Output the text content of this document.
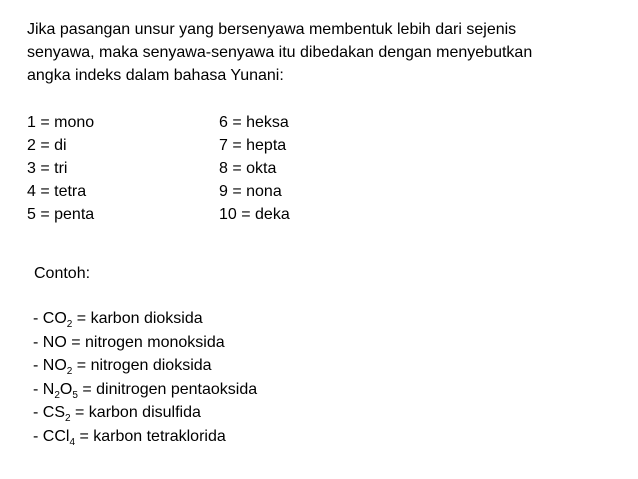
Jika pasangan unsur yang bersenyawa membentuk lebih dari sejenis

senyawa, maka senyawa-senyawa itu dibedakan dengan menyebutkan

angka indeks dalam bahasa Yunani:

1 = mono	6 = heksa
2 = di	7 = hepta
3 = tri	8 = okta
4 = tetra	9 = nona
5 = penta	10 = deka
Contoh:
- $CO_2$ = karbon dioksida
- NO = nitrogen monoksida
- $NO_2$ = nitrogen dioksida
- $N_2O_5$ = dinitrogen pentaoksida
- $CS_2$ = karbon disulfida
- CCl$_4$ = karbon tetraklorida
